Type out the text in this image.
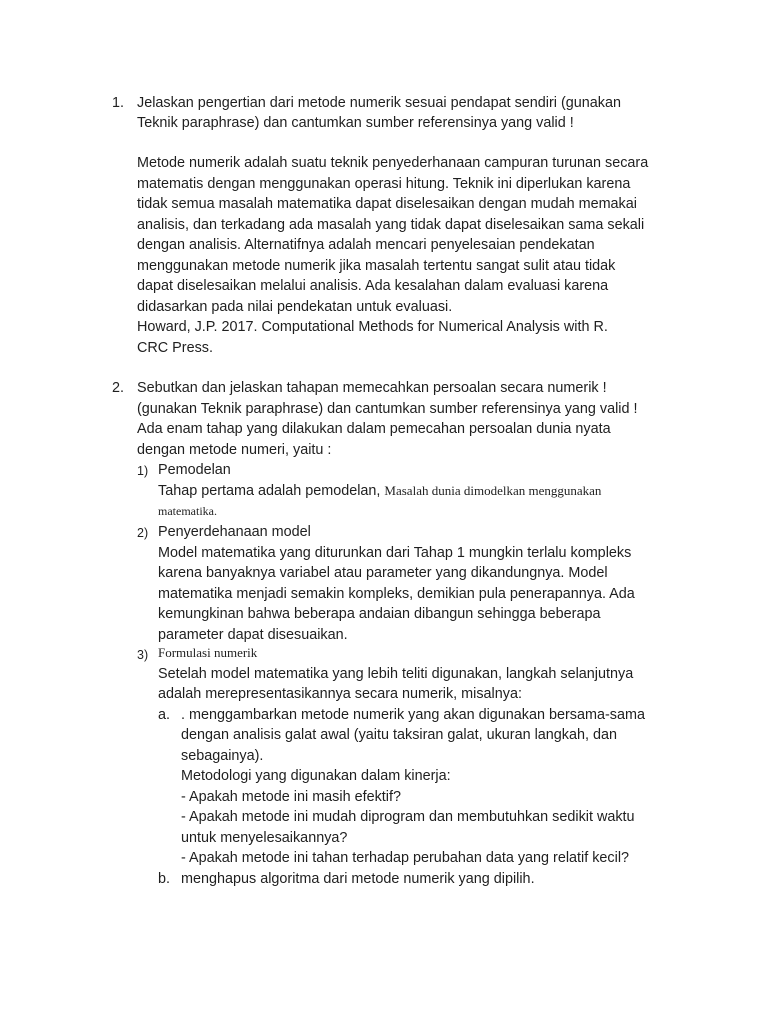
1. Jelaskan pengertian dari metode numerik sesuai pendapat sendiri (gunakan
Teknik paraphrase) dan cantumkan sumber referensinya yang valid !
Metode numerik adalah suatu teknik penyederhanaan campuran turunan secara
matematis dengan menggunakan operasi hitung. Teknik ini diperlukan karena
tidak semua masalah matematika dapat diselesaikan dengan mudah memakai
analisis, dan terkadang ada masalah yang tidak dapat diselesaikan sama sekali
dengan analisis. Alternatifnya adalah mencari penyelesaian pendekatan
menggunakan metode numerik jika masalah tertentu sangat sulit atau tidak
dapat diselesaikan melalui analisis. Ada kesalahan dalam evaluasi karena
didasarkan pada nilai pendekatan untuk evaluasi.
Howard, J.P. 2017. Computational Methods for Numerical Analysis with R.
CRC Press.
2. Sebutkan dan jelaskan tahapan memecahkan persoalan secara numerik !
(gunakan Teknik paraphrase) dan cantumkan sumber referensinya yang valid !
Ada enam tahap yang dilakukan dalam pemecahan persoalan dunia nyata
dengan metode numeri, yaitu :
1) Pemodelan
Tahap pertama adalah pemodelan, Masalah dunia dimodelkan menggunakan
matematika.
2) Penyerdehanaan model
Model matematika yang diturunkan dari Tahap 1 mungkin terlalu kompleks
karena banyaknya variabel atau parameter yang dikandungnya. Model
matematika menjadi semakin kompleks, demikian pula penerapannya. Ada
kemungkinan bahwa beberapa andaian dibangun sehingga beberapa
parameter dapat disesuaikan.
3) Formulasi numerik
Setelah model matematika yang lebih teliti digunakan, langkah selanjutnya
adalah merepresentasikannya secara numerik, misalnya:
a. . menggambarkan metode numerik yang akan digunakan bersama-sama
dengan analisis galat awal (yaitu taksiran galat, ukuran langkah, dan
sebagainya).
Metodologi yang digunakan dalam kinerja:
- Apakah metode ini masih efektif?
- Apakah metode ini mudah diprogram dan membutuhkan sedikit waktu
untuk menyelesaikannya?
- Apakah metode ini tahan terhadap perubahan data yang relatif kecil?
b. menghapus algoritma dari metode numerik yang dipilih.
